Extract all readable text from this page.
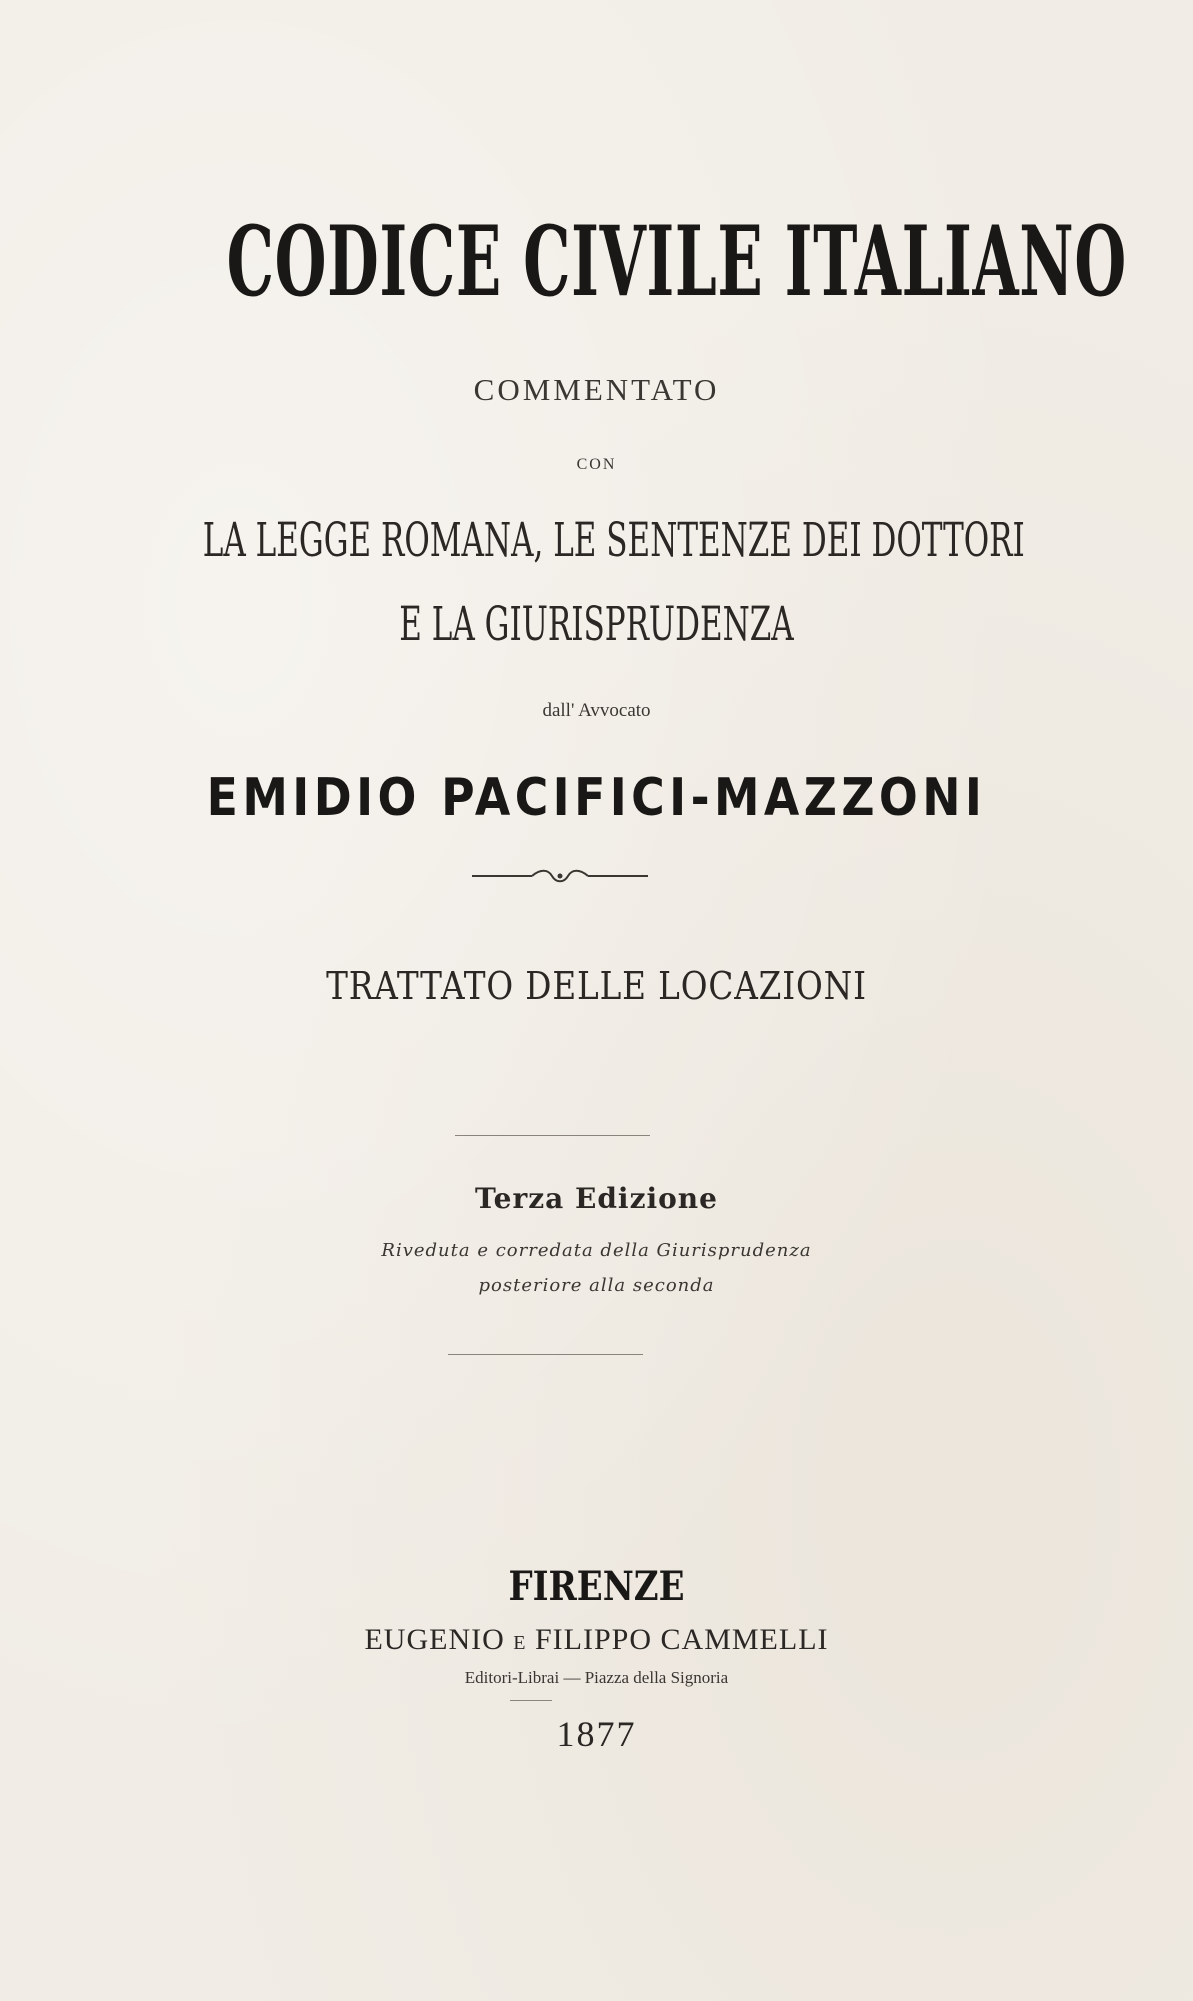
CODICE CIVILE ITALIANO
COMMENTATO
CON
LA LEGGE ROMANA, LE SENTENZE DEI DOTTORI
E LA GIURISPRUDENZA
dall' Avvocato
EMIDIO PACIFICI-MAZZONI
TRATTATO DELLE LOCAZIONI
Terza Edizione
Riveduta e corredata della Giurisprudenza
posteriore alla seconda
FIRENZE
EUGENIO E FILIPPO CAMMELLI
Editori-Librai — Piazza della Signoria
1877
